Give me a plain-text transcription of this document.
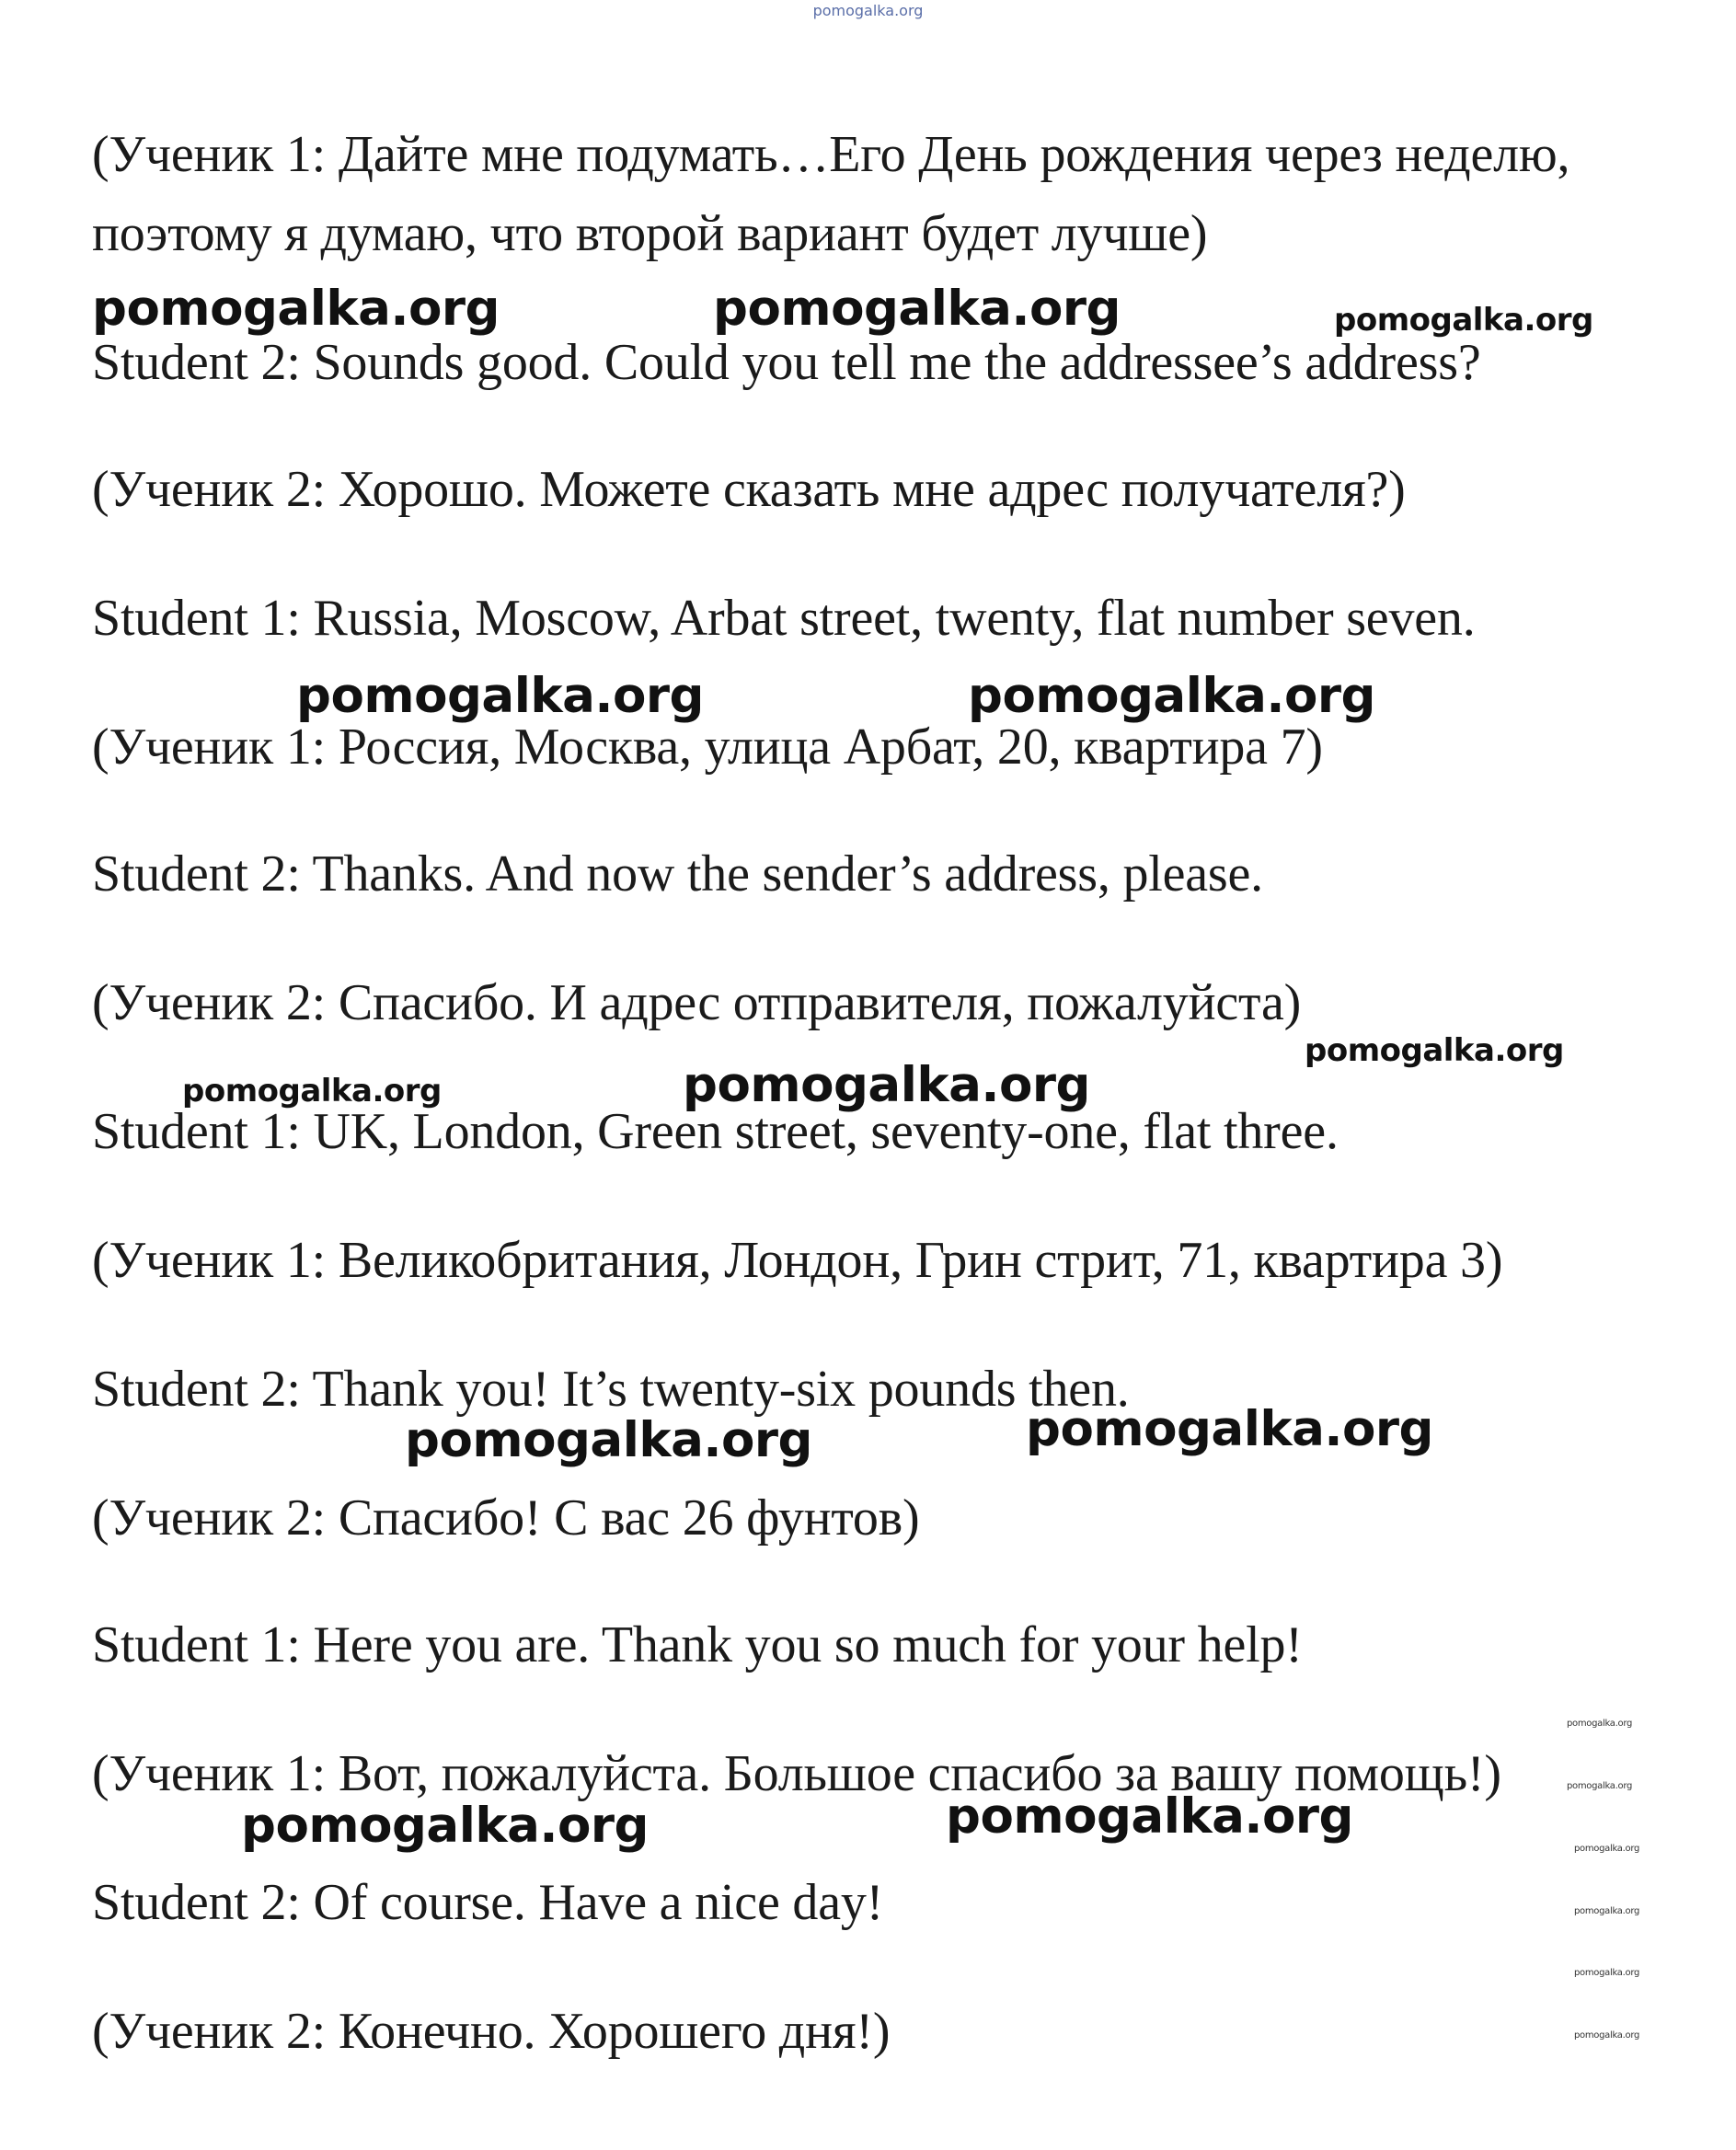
pomogalka.org
(Ученик 1: Дайте мне подумать…Его День рождения через неделю,
поэтому я думаю, что второй вариант будет лучше)
Student 2: Sounds good. Could you tell me the addressee’s address?
(Ученик 2: Хорошо. Можете сказать мне адрес получателя?)
Student 1: Russia, Moscow, Arbat street, twenty, flat number seven.
(Ученик 1: Россия, Москва, улица Арбат, 20, квартира 7)
Student 2: Thanks. And now the sender’s address, please.
(Ученик 2: Спасибо. И адрес отправителя, пожалуйста)
Student 1: UK, London, Green street, seventy-one, flat three.
(Ученик 1: Великобритания, Лондон, Грин стрит, 71, квартира 3)
Student 2: Thank you! It’s twenty-six pounds then.
(Ученик 2: Спасибо! С вас 26 фунтов)
Student 1: Here you are. Thank you so much for your help!
(Ученик 1: Вот, пожалуйста. Большое спасибо за вашу помощь!)
Student 2: Of course. Have a nice day!
(Ученик 2: Конечно. Хорошего дня!)
pomogalka.org	pomogalka.org	pomogalka.org
pomogalka.org	pomogalka.org
pomogalka.org
pomogalka.org	pomogalka.org
pomogalka.org	pomogalka.org
pomogalka.org	pomogalka.org
pomogalka.org
pomogalka.org
pomogalka.org
pomogalka.org
pomogalka.org
pomogalka.org
